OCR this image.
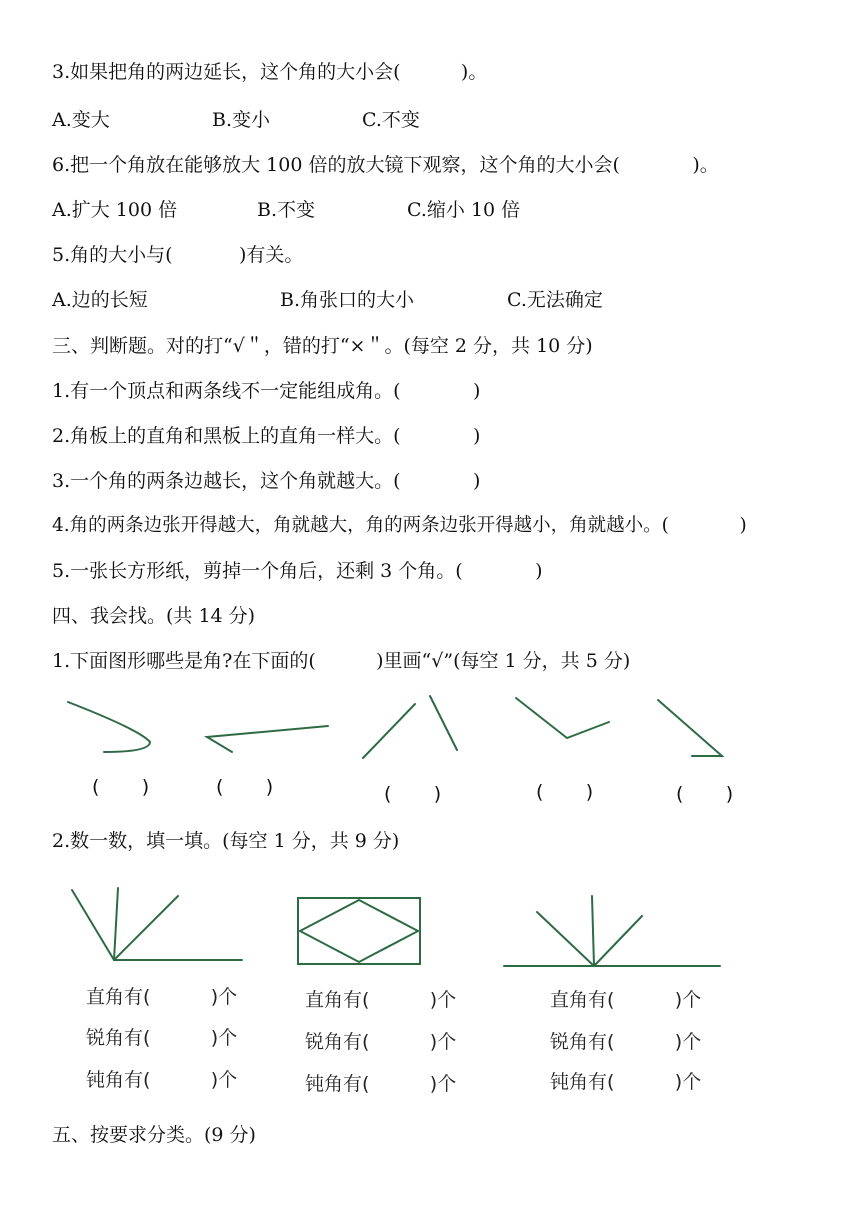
3.如果把角的两边延长，这个角的大小会(          )。
A.变大	B.变小	C.不变
6.把一个角放在能够放大 100 倍的放大镜下观察，这个角的大小会(            )。
A.扩大 100 倍	B.不变	C.缩小 10 倍
5.角的大小与(           )有关。
A.边的长短	B.角张口的大小	C.无法确定
三、判断题。对的打“√＂，错的打“×＂。(每空 2 分，共 10 分)
1.有一个顶点和两条线不一定能组成角。(            )
2.角板上的直角和黑板上的直角一样大。(            )
3.一个角的两条边越长，这个角就越大。(            )
4.角的两条边张开得越大，角就越大，角的两条边张开得越小，角就越小。(            )
5.一张长方形纸，剪掉一个角后，还剩 3 个角。(            )
四、我会找。(共 14 分)
1.下面图形哪些是角?在下面的(          )里画“√”(每空 1 分，共 5 分)
(       )	(       )	(       )	(       )	(       )
2.数一数，填一填。(每空 1 分，共 9 分)
直角有(          )个
锐角有(          )个
钝角有(          )个
直角有(          )个
锐角有(          )个
钝角有(          )个
直角有(          )个
锐角有(          )个
钝角有(          )个
五、按要求分类。(9 分)
